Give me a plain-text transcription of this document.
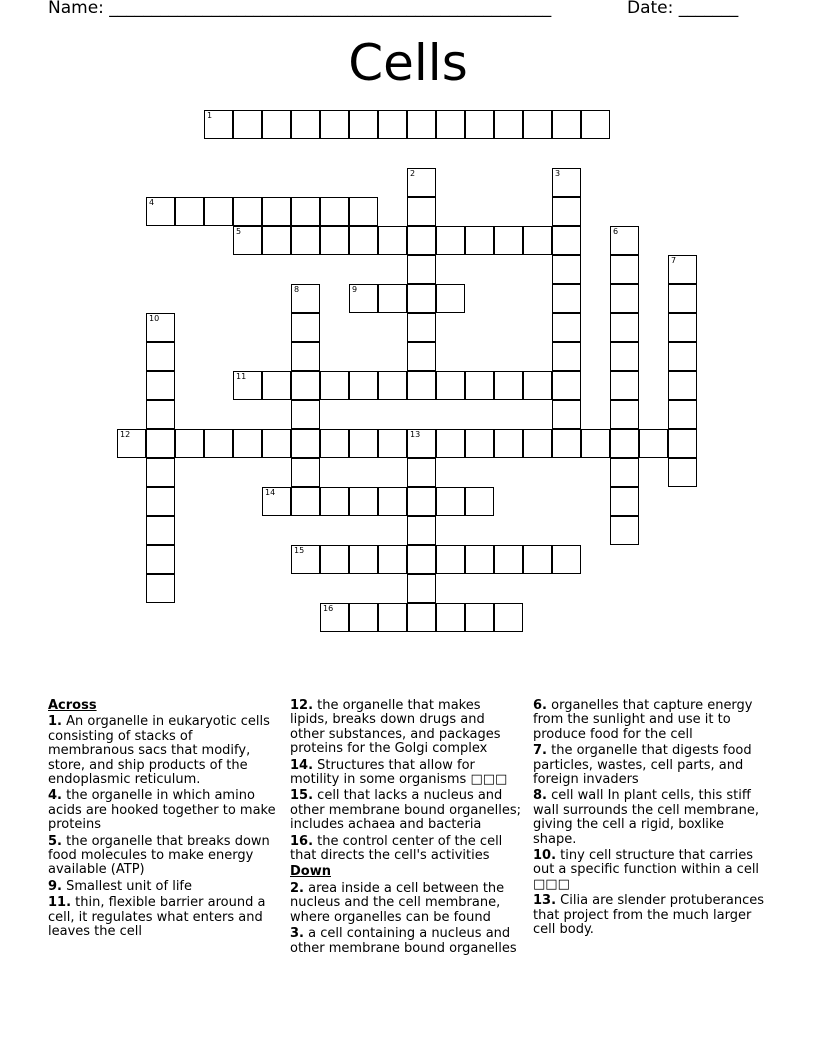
Name: ____________________________________________________	Date: _______
Cells
1
2	3
4
5	6
7
8	9
10
11
12	13
14
15
16
Across
1. An organelle in eukaryotic cells consisting of stacks of membranous sacs that modify, store, and ship products of the endoplasmic reticulum.
4. the organelle in which amino acids are hooked together to make proteins
5. the organelle that breaks down food molecules to make energy available (ATP)
9. Smallest unit of life
11. thin, flexible barrier around a cell, it regulates what enters and leaves the cell
12. the organelle that makes lipids, breaks down drugs and other substances, and packages proteins for the Golgi complex
14. Structures that allow for motility in some organisms □□□
15. cell that lacks a nucleus and other membrane bound organelles; includes achaea and bacteria
16. the control center of the cell that directs the cell's activities
Down
2. area inside a cell between the nucleus and the cell membrane, where organelles can be found
3. a cell containing a nucleus and other membrane bound organelles
6. organelles that capture energy from the sunlight and use it to produce food for the cell
7. the organelle that digests food particles, wastes, cell parts, and foreign invaders
8. cell wall In plant cells, this stiff wall surrounds the cell membrane, giving the cell a rigid, boxlike shape.
10. tiny cell structure that carries out a specific function within a cell □□□
13. Cilia are slender protuberances that project from the much larger cell body.
